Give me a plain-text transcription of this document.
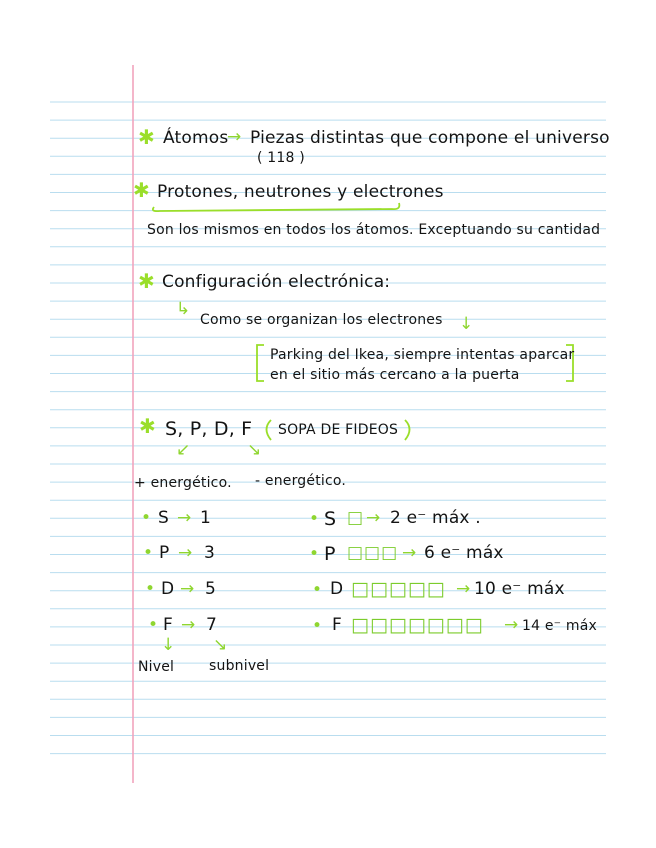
✱ Átomos
→ Piezas distintas que compone el universo
( 118 )
✱ Protones, neutrones y electrones
Son los mismos en todos los átomos. Exceptuando su cantidad
✱ Configuración electrónica:
↳
Como se organizan los electrones ↓
Parking del Ikea, siempre intentas aparcar
en el sitio más cercano a la puerta
✱ S, P, D, F SOPA DE FIDEOS
↙	↘
+ energético. - energético.
• S → 1
• P → 3
• D → 5
• F → 7
• S □ → 2 e⁻ máx .
• P □□□ → 6 e⁻ máx
• D □□□□□ → 10 e⁻ máx
• F □□□□□□□ → 14 e⁻ máx
↓ ↘
Nivel subnivel
